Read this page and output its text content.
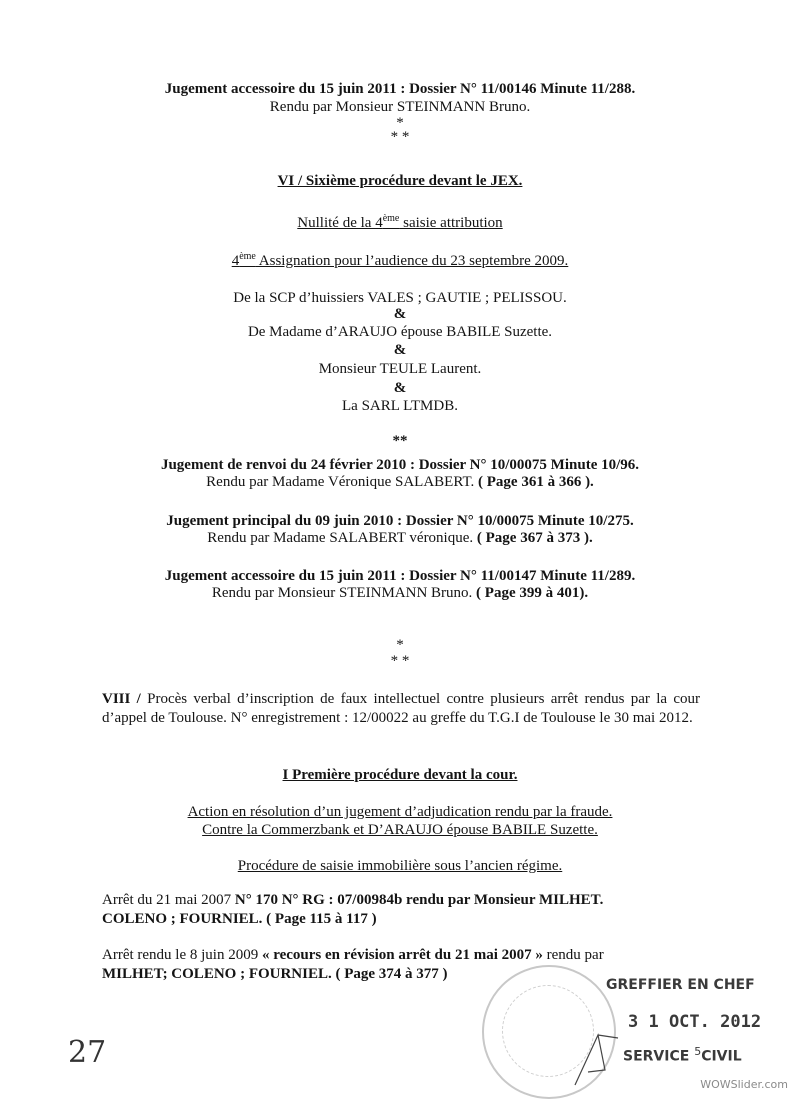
Jugement accessoire du 15 juin 2011 : Dossier N° 11/00146 Minute 11/288.
Rendu par Monsieur STEINMANN Bruno.
*
* *
VI / Sixième procédure devant le JEX.
Nullité de la 4ème saisie attribution
4ème Assignation pour l’audience du 23 septembre 2009.
De la SCP d’huissiers VALES ; GAUTIE ; PELISSOU.
&
De Madame d’ARAUJO épouse BABILE Suzette.
&
Monsieur TEULE Laurent.
&
La SARL LTMDB.
**
Jugement de renvoi du 24 février 2010 : Dossier N° 10/00075 Minute 10/96.
Rendu par Madame Véronique SALABERT. ( Page 361 à 366 ).
Jugement principal du 09 juin 2010 : Dossier N° 10/00075 Minute 10/275.
Rendu par Madame SALABERT véronique. ( Page 367 à 373 ).
Jugement accessoire du 15 juin 2011 : Dossier N° 11/00147 Minute 11/289.
Rendu par Monsieur STEINMANN Bruno. ( Page 399 à 401).
*
* *
VIII / Procès verbal d’inscription de faux intellectuel contre plusieurs arrêt rendus par la cour d’appel de Toulouse. N° enregistrement : 12/00022 au greffe du T.G.I de Toulouse le 30 mai 2012.
I Première procédure devant la cour.
Action en résolution d’un jugement d’adjudication rendu par la fraude.
Contre la Commerzbank et D’ARAUJO épouse BABILE Suzette.
Procédure de saisie immobilière sous l’ancien régime.
Arrêt du 21 mai 2007 N° 170 N° RG : 07/00984b rendu par Monsieur MILHET.
COLENO ; FOURNIEL. ( Page 115 à 117 )
Arrêt rendu le 8 juin 2009 « recours en révision arrêt du 21 mai 2007 » rendu par
MILHET; COLENO ; FOURNIEL. ( Page 374 à 377 )
GREFFIER EN CHEF
3 1 OCT. 2012
SERVICE $^5$CIVIL
27
WOWSlider.com
